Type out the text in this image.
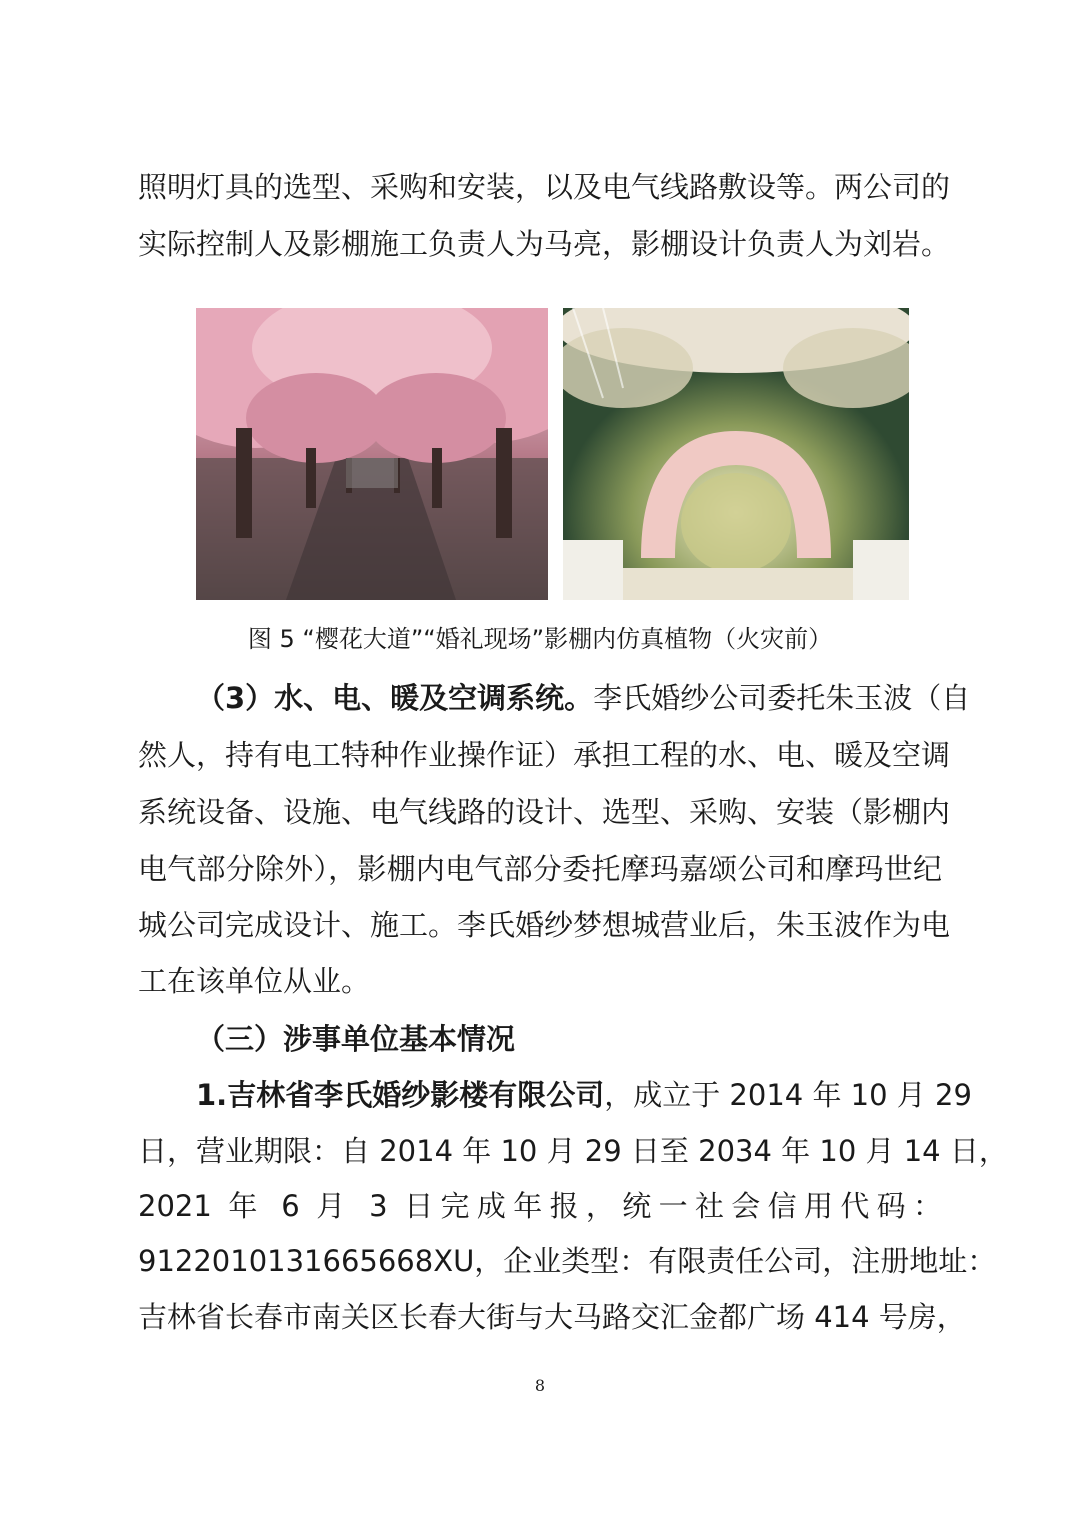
照明灯具的选型、采购和安装，以及电气线路敷设等。两公司的
实际控制人及影棚施工负责人为马亮，影棚设计负责人为刘岩。
图 5 “樱花大道”“婚礼现场”影棚内仿真植物（火灾前）
（3）水、电、暖及空调系统。李氏婚纱公司委托朱玉波（自
然人，持有电工特种作业操作证）承担工程的水、电、暖及空调
系统设备、设施、电气线路的设计、选型、采购、安装（影棚内
电气部分除外），影棚内电气部分委托摩玛嘉颂公司和摩玛世纪
城公司完成设计、施工。李氏婚纱梦想城营业后，朱玉波作为电
工在该单位从业。
（三）涉事单位基本情况
1.吉林省李氏婚纱影楼有限公司，成立于 2014 年 10 月 29
日，营业期限：自 2014 年 10 月 29 日至 2034 年 10 月 14 日，
2021 年 6 月 3 日完成年报，统一社会信用代码：
9122010131665668XU，企业类型：有限责任公司，注册地址：
吉林省长春市南关区长春大街与大马路交汇金都广场 414 号房，
8
